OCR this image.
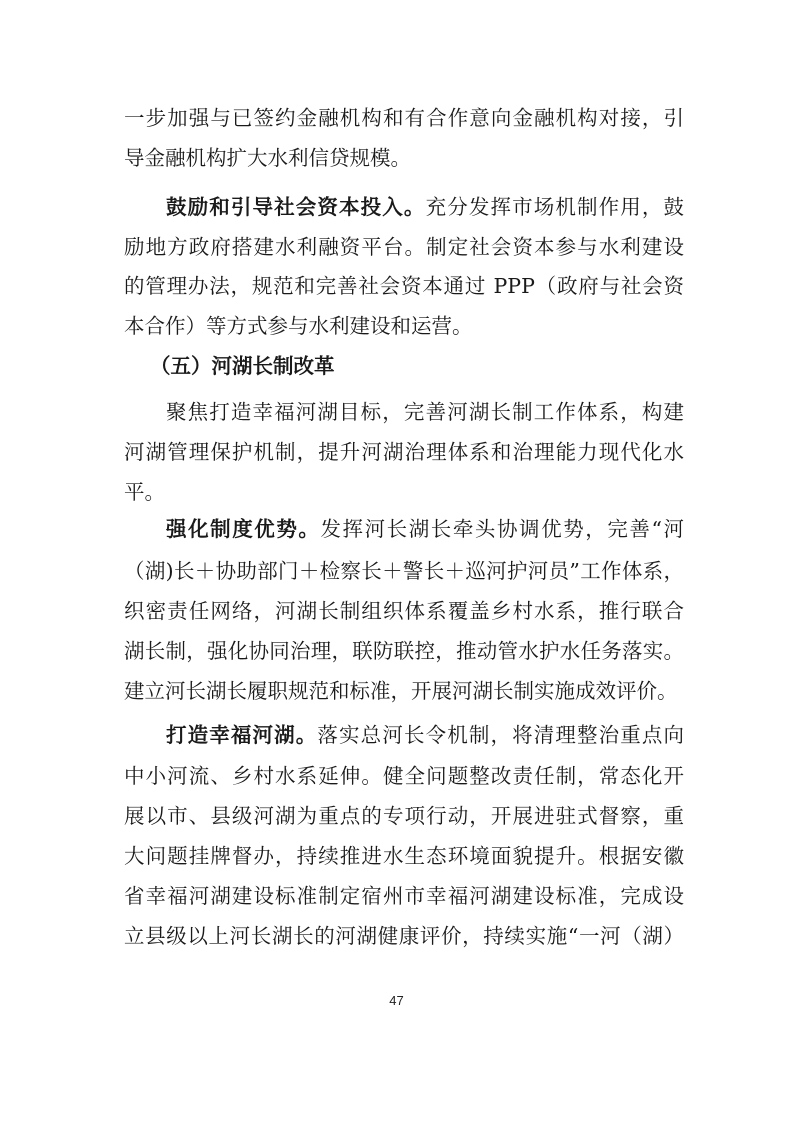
一步加强与已签约金融机构和有合作意向金融机构对接，引
导金融机构扩大水利信贷规模。
鼓励和引导社会资本投入。充分发挥市场机制作用，鼓
励地方政府搭建水利融资平台。制定社会资本参与水利建设
的管理办法，规范和完善社会资本通过 PPP（政府与社会资
本合作）等方式参与水利建设和运营。
（五）河湖长制改革
聚焦打造幸福河湖目标，完善河湖长制工作体系，构建
河湖管理保护机制，提升河湖治理体系和治理能力现代化水
平。
强化制度优势。发挥河长湖长牵头协调优势，完善“河
（湖)长＋协助部门＋检察长＋警长＋巡河护河员”工作体系，
织密责任网络，河湖长制组织体系覆盖乡村水系，推行联合
湖长制，强化协同治理，联防联控，推动管水护水任务落实。
建立河长湖长履职规范和标准，开展河湖长制实施成效评价。
打造幸福河湖。落实总河长令机制，将清理整治重点向
中小河流、乡村水系延伸。健全问题整改责任制，常态化开
展以市、县级河湖为重点的专项行动，开展进驻式督察，重
大问题挂牌督办，持续推进水生态环境面貌提升。根据安徽
省幸福河湖建设标准制定宿州市幸福河湖建设标准，完成设
立县级以上河长湖长的河湖健康评价，持续实施“一河（湖）
47
